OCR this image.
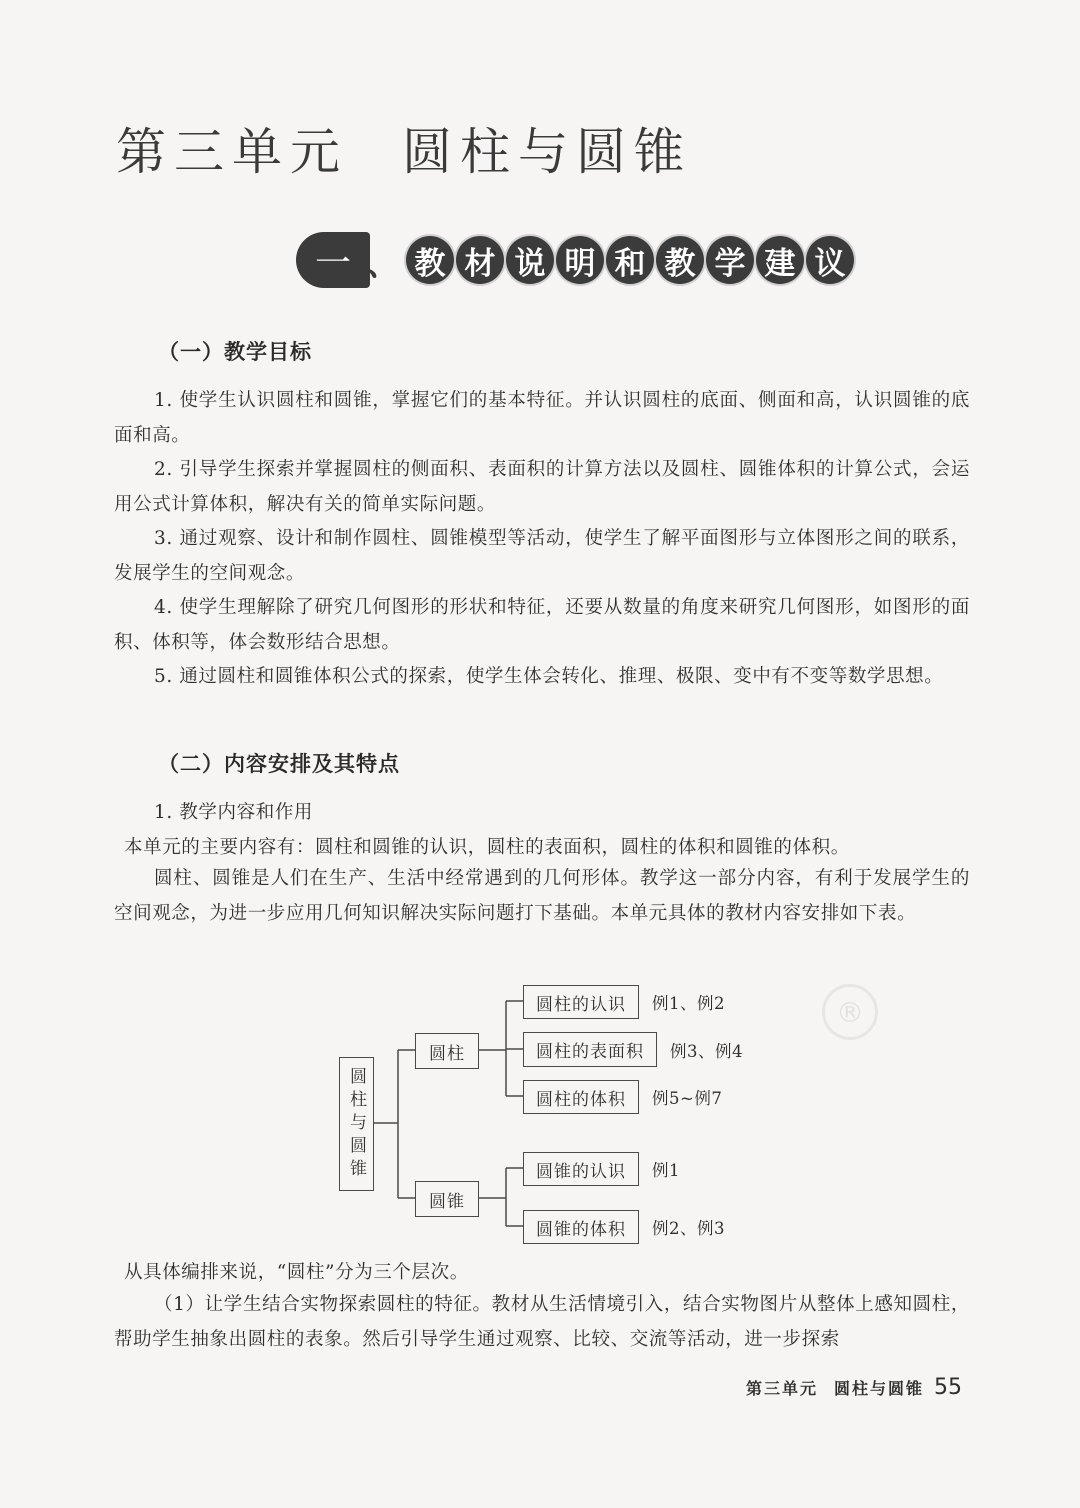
第三单元 圆柱与圆锥
一 、 教 材 说 明 和 教 学 建 议
（一）教学目标

1. 使学生认识圆柱和圆锥，掌握它们的基本特征。并认识圆柱的底面、侧面和高，认识圆锥的底面和高。

2. 引导学生探索并掌握圆柱的侧面积、表面积的计算方法以及圆柱、圆锥体积的计算公式，会运用公式计算体积，解决有关的简单实际问题。

3. 通过观察、设计和制作圆柱、圆锥模型等活动，使学生了解平面图形与立体图形之间的联系，发展学生的空间观念。

4. 使学生理解除了研究几何图形的形状和特征，还要从数量的角度来研究几何图形，如图形的面积、体积等，体会数形结合思想。

5. 通过圆柱和圆锥体积公式的探索，使学生体会转化、推理、极限、变中有不变等数学思想。

（二）内容安排及其特点
1. 教学内容和作用
本单元的主要内容有：圆柱和圆锥的认识，圆柱的表面积，圆柱的体积和圆锥的体积。

圆柱、圆锥是人们在生产、生活中经常遇到的几何形体。教学这一部分内容，有利于发展学生的空间观念，为进一步应用几何知识解决实际问题打下基础。本单元具体的教材内容安排如下表。

®
圆柱与圆锥
圆柱
圆锥
圆柱的认识	例1、例2
圆柱的表面积	例3、例4
圆柱的体积	例5~例7
圆锥的认识	例1
圆锥的体积	例2、例3
从具体编排来说，“圆柱”分为三个层次。

（1）让学生结合实物探索圆柱的特征。教材从生活情境引入，结合实物图片从整体上感知圆柱，帮助学生抽象出圆柱的表象。然后引导学生通过观察、比较、交流等活动，进一步探索

第三单元 圆柱与圆锥 55
